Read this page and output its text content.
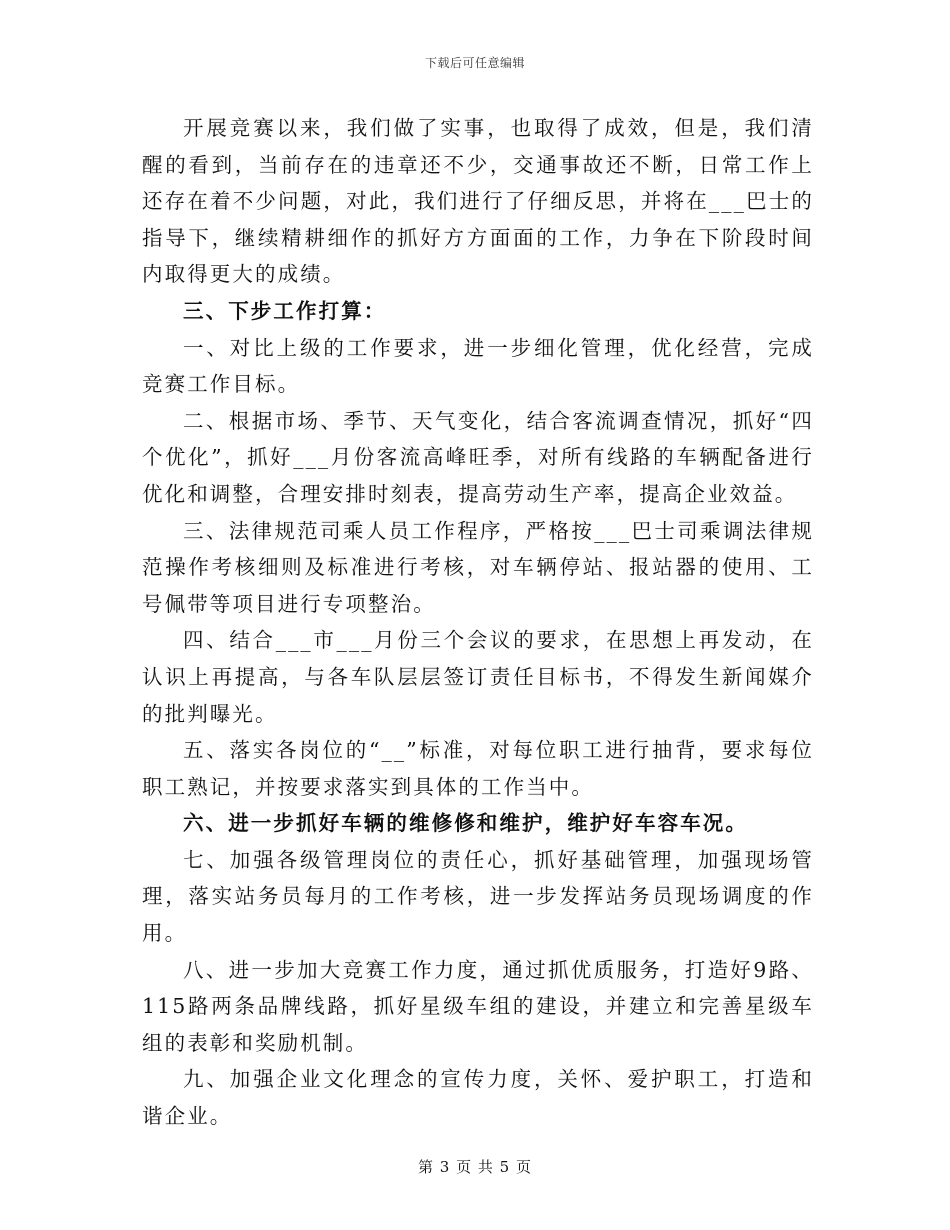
下载后可任意编辑

开展竞赛以来，我们做了实事，也取得了成效，但是，我们清醒的看到，当前存在的违章还不少，交通事故还不断，日常工作上还存在着不少问题，对此，我们进行了仔细反思，并将在___巴士的指导下，继续精耕细作的抓好方方面面的工作，力争在下阶段时间内取得更大的成绩。

三、下步工作打算：

一、对比上级的工作要求，进一步细化管理，优化经营，完成竞赛工作目标。

二、根据市场、季节、天气变化，结合客流调查情况，抓好“四个优化”，抓好___月份客流高峰旺季，对所有线路的车辆配备进行优化和调整，合理安排时刻表，提高劳动生产率，提高企业效益。

三、法律规范司乘人员工作程序，严格按___巴士司乘调法律规范操作考核细则及标准进行考核，对车辆停站、报站器的使用、工号佩带等项目进行专项整治。

四、结合___市___月份三个会议的要求，在思想上再发动，在认识上再提高，与各车队层层签订责任目标书，不得发生新闻媒介的批判曝光。

五、落实各岗位的“__”标准，对每位职工进行抽背，要求每位职工熟记，并按要求落实到具体的工作当中。

六、进一步抓好车辆的维修修和维护，维护好车容车况。

七、加强各级管理岗位的责任心，抓好基础管理，加强现场管理，落实站务员每月的工作考核，进一步发挥站务员现场调度的作用。

八、进一步加大竞赛工作力度，通过抓优质服务，打造好9路、115路两条品牌线路，抓好星级车组的建设，并建立和完善星级车组的表彰和奖励机制。

九、加强企业文化理念的宣传力度，关怀、爱护职工，打造和谐企业。

第 3 页 共 5 页
